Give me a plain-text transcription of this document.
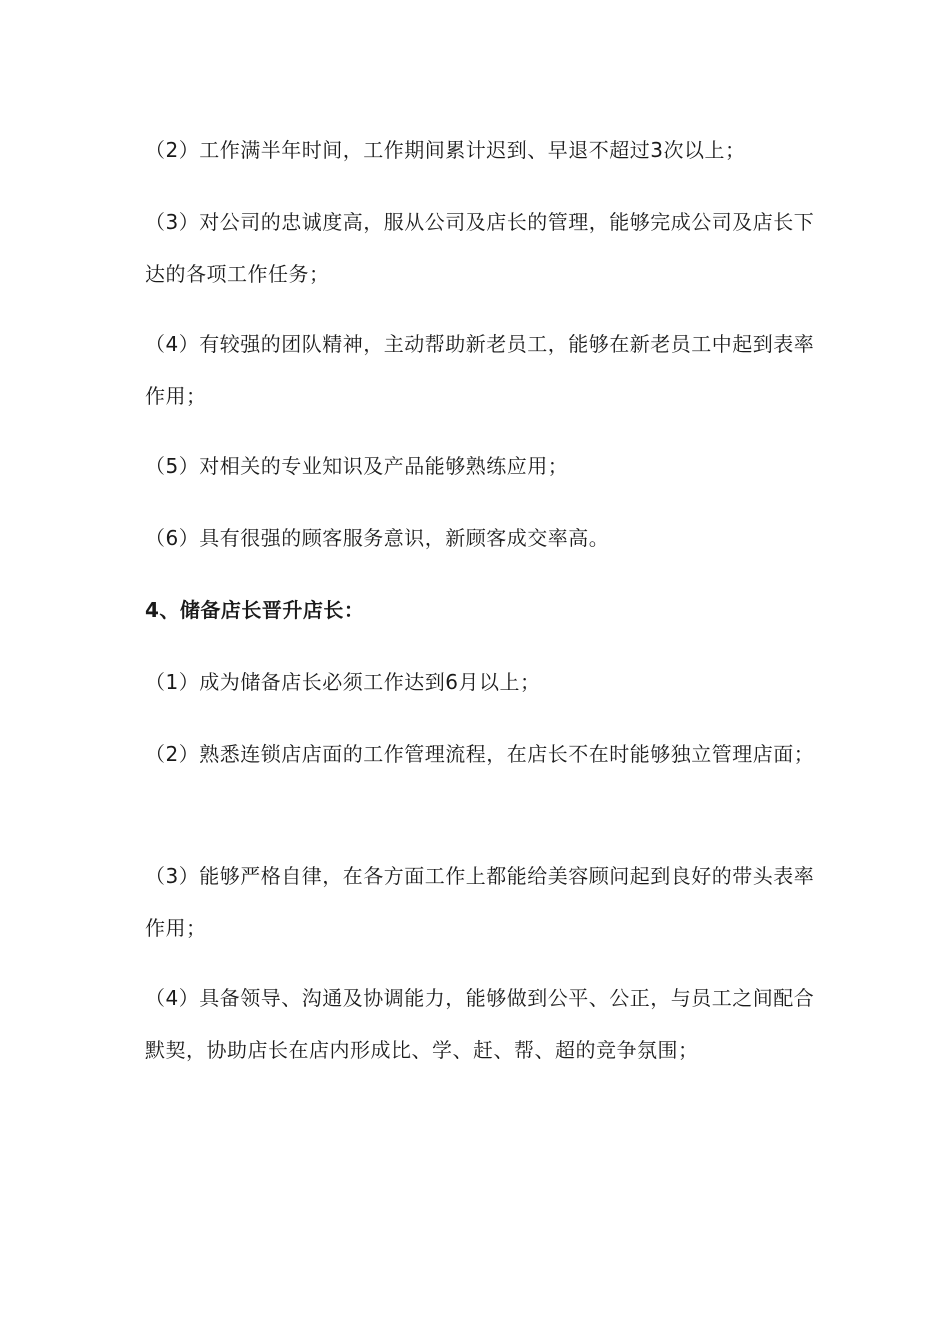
（2）工作满半年时间，工作期间累计迟到、早退不超过3次以上；

（3）对公司的忠诚度高，服从公司及店长的管理，能够完成公司及店长下达的各项工作任务；

（4）有较强的团队精神，主动帮助新老员工，能够在新老员工中起到表率作用；

（5）对相关的专业知识及产品能够熟练应用；

（6）具有很强的顾客服务意识，新顾客成交率高。

4、储备店长晋升店长：

（1）成为储备店长必须工作达到6月以上；

（2）熟悉连锁店店面的工作管理流程，在店长不在时能够独立管理店面；

（3）能够严格自律，在各方面工作上都能给美容顾问起到良好的带头表率作用；

（4）具备领导、沟通及协调能力，能够做到公平、公正，与员工之间配合默契，协助店长在店内形成比、学、赶、帮、超的竞争氛围；
